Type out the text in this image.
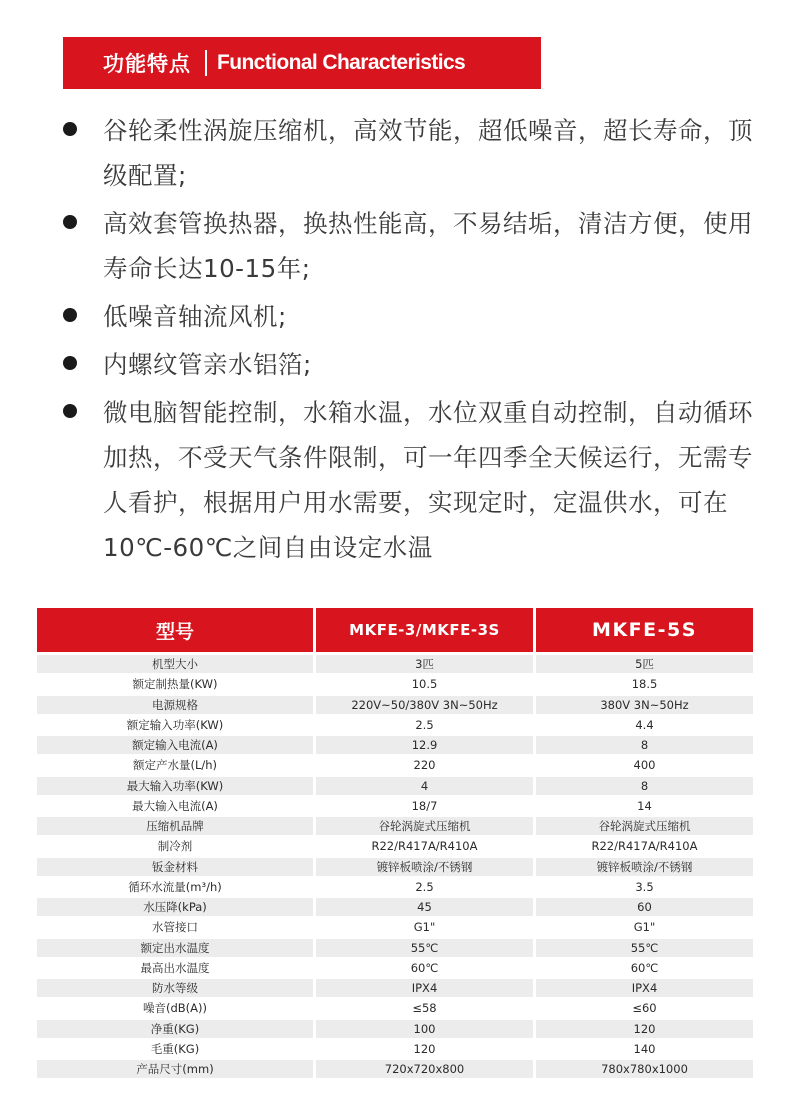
功能特点 Functional Characteristics
谷轮柔性涡旋压缩机，高效节能，超低噪音，超长寿命，顶级配置;
高效套管换热器，换热性能高，不易结垢，清洁方便，使用寿命长达10-15年;
低噪音轴流风机;
内螺纹管亲水铝箔;
微电脑智能控制，水箱水温，水位双重自动控制，自动循环加热，不受天气条件限制，可一年四季全天候运行，无需专人看护，根据用户用水需要，实现定时，定温供水，可在10℃-60℃之间自由设定水温
型号	MKFE-3/MKFE-3S	MKFE-5S
机型大小	3匹	5匹
额定制热量(KW)	10.5	18.5
电源规格	220V~50/380V 3N~50Hz	380V 3N~50Hz
额定输入功率(KW)	2.5	4.4
额定输入电流(A)	12.9	8
额定产水量(L/h)	220	400
最大输入功率(KW)	4	8
最大输入电流(A)	18/7	14
压缩机品牌	谷轮涡旋式压缩机	谷轮涡旋式压缩机
制冷剂	R22/R417A/R410A	R22/R417A/R410A
钣金材料	镀锌板喷涂/不锈钢	镀锌板喷涂/不锈钢
循环水流量(m³/h)	2.5	3.5
水压降(kPa)	45	60
水管接口	G1"	G1"
额定出水温度	55℃	55℃
最高出水温度	60℃	60℃
防水等级	IPX4	IPX4
噪音(dB(A))	≤58	≤60
净重(KG)	100	120
毛重(KG)	120	140
产品尺寸(mm)	720x720x800	780x780x1000
